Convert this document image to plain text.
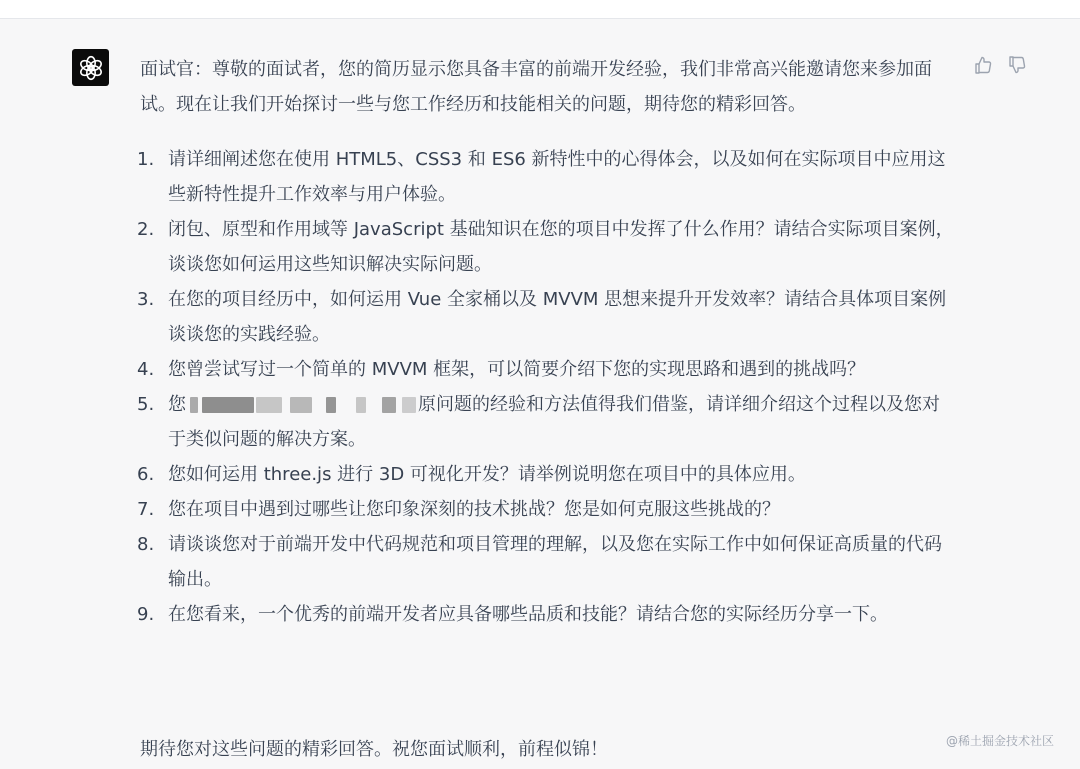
面试官：尊敬的面试者，您的简历显示您具备丰富的前端开发经验，我们非常高兴能邀请您来参加面试。现在让我们开始探讨一些与您工作经历和技能相关的问题，期待您的精彩回答。

1. 请详细阐述您在使用 HTML5、CSS3 和 ES6 新特性中的心得体会，以及如何在实际项目中应用这些新特性提升工作效率与用户体验。
2. 闭包、原型和作用域等 JavaScript 基础知识在您的项目中发挥了什么作用？请结合实际项目案例，谈谈您如何运用这些知识解决实际问题。
3. 在您的项目经历中，如何运用 Vue 全家桶以及 MVVM 思想来提升开发效率？请结合具体项目案例谈谈您的实践经验。
4. 您曾尝试写过一个简单的 MVVM 框架，可以简要介绍下您的实现思路和遇到的挑战吗？
5. 您	原问题的经验和方法值得我们借鉴，请详细介绍这个过程以及您对于类似问题的解决方案。
6. 您如何运用 three.js 进行 3D 可视化开发？请举例说明您在项目中的具体应用。
7. 您在项目中遇到过哪些让您印象深刻的技术挑战？您是如何克服这些挑战的？
8. 请谈谈您对于前端开发中代码规范和项目管理的理解，以及您在实际工作中如何保证高质量的代码输出。
9. 在您看来，一个优秀的前端开发者应具备哪些品质和技能？请结合您的实际经历分享一下。
期待您对这些问题的精彩回答。祝您面试顺利，前程似锦！	@稀土掘金技术社区
